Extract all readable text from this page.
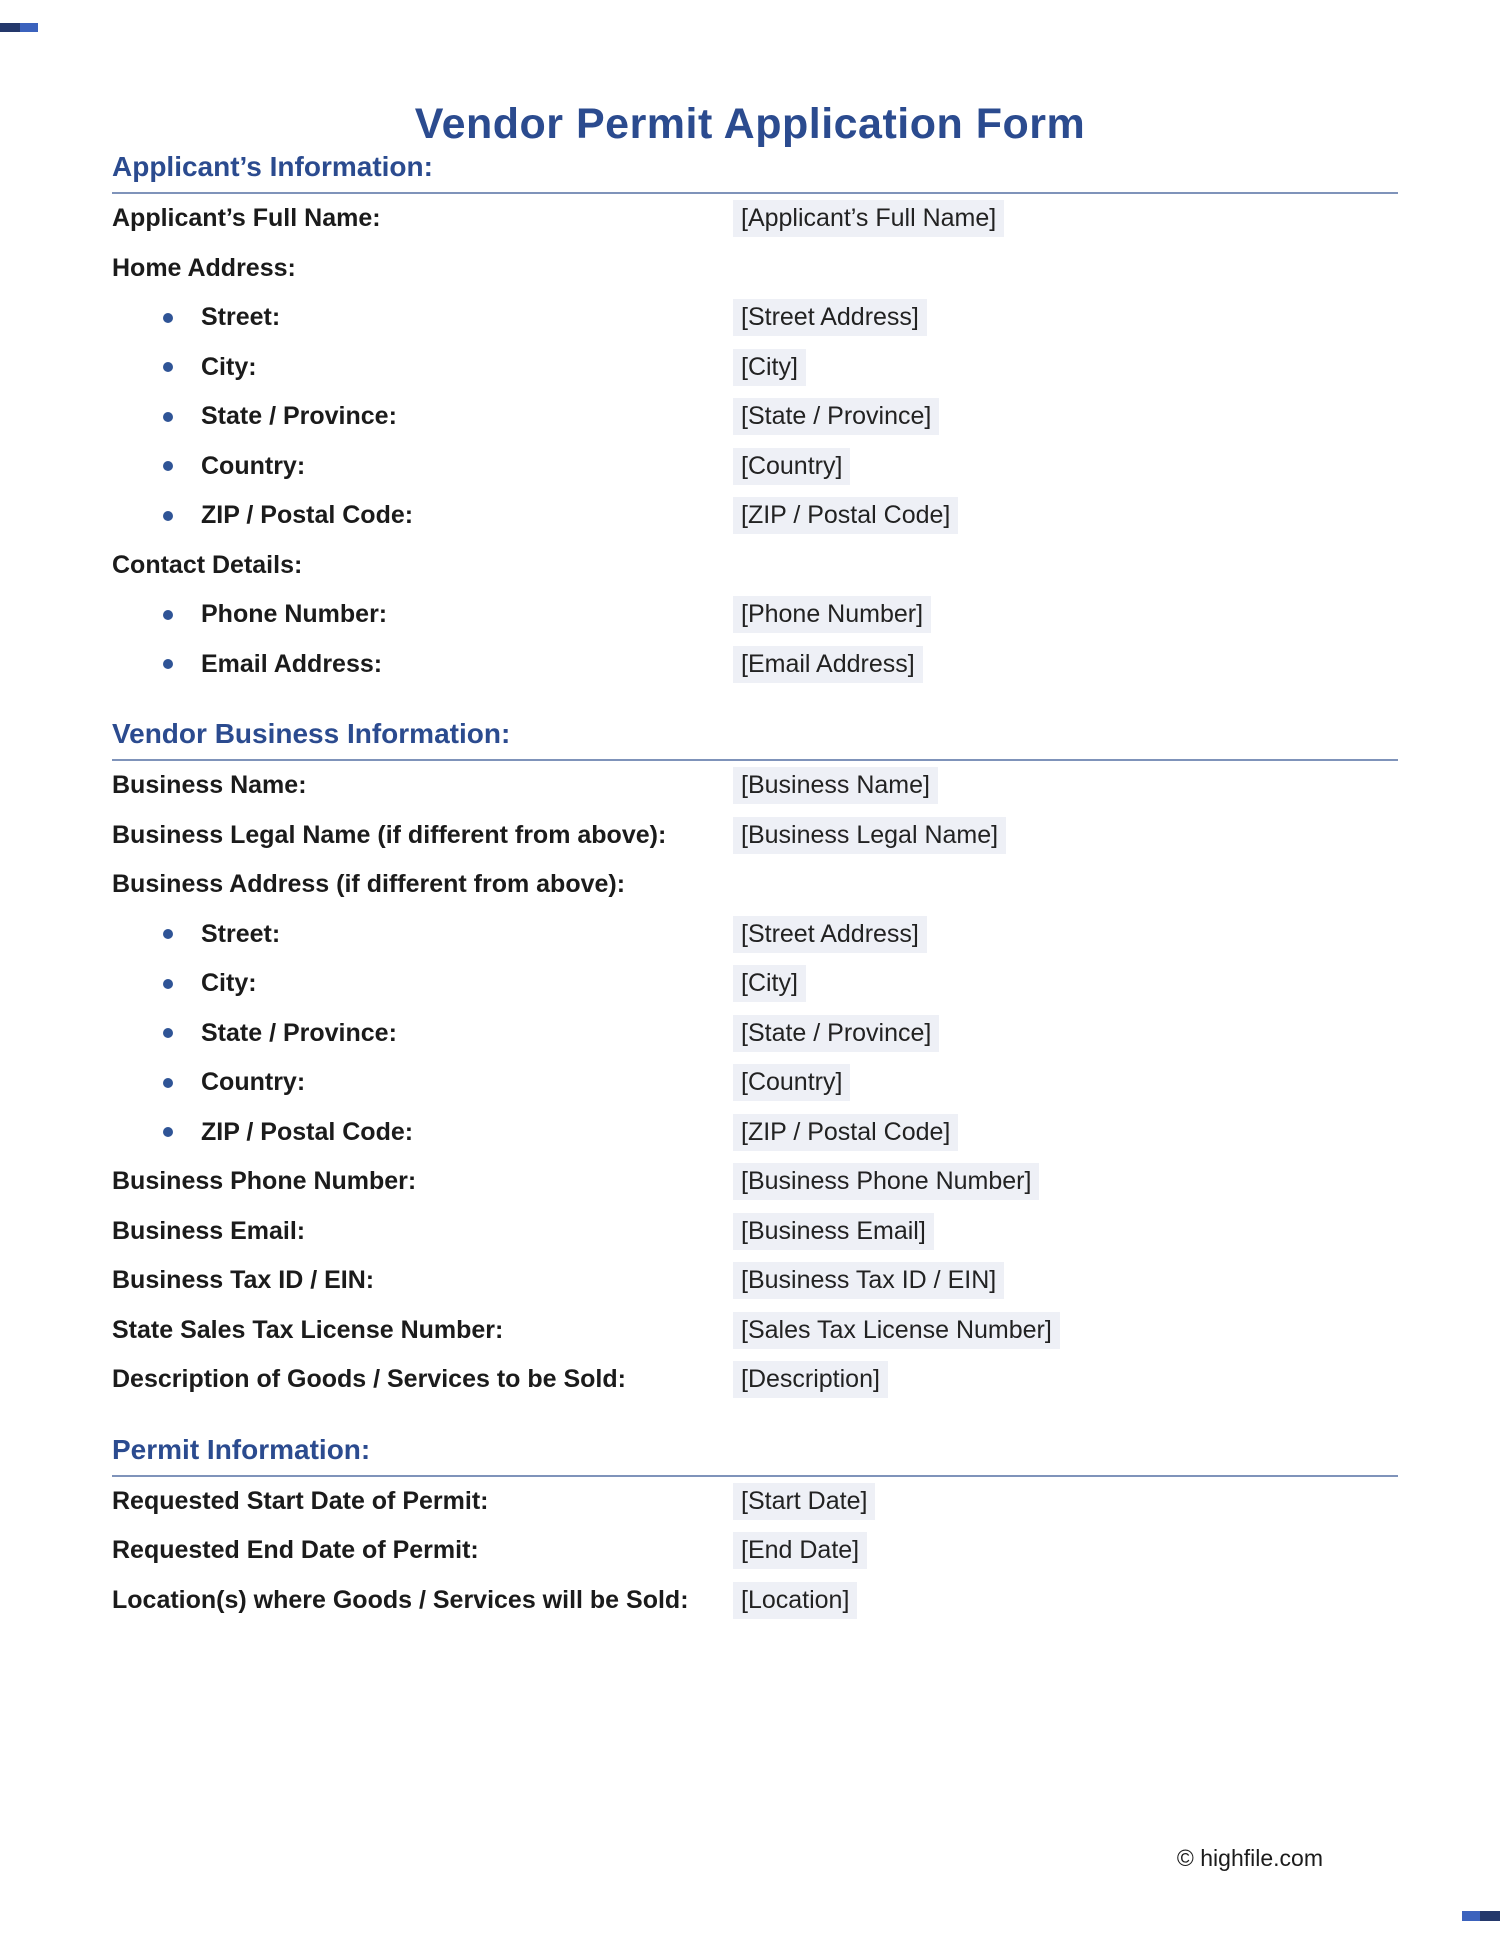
Vendor Permit Application Form
Applicant’s Information:
Applicant’s Full Name:	[Applicant’s Full Name]
Home Address:
Street:	[Street Address]
City:	[City]
State / Province:	[State / Province]
Country:	[Country]
ZIP / Postal Code:	[ZIP / Postal Code]
Contact Details:
Phone Number:	[Phone Number]
Email Address:	[Email Address]
Vendor Business Information:
Business Name:	[Business Name]
Business Legal Name (if different from above):	[Business Legal Name]
Business Address (if different from above):
Street:	[Street Address]
City:	[City]
State / Province:	[State / Province]
Country:	[Country]
ZIP / Postal Code:	[ZIP / Postal Code]
Business Phone Number:	[Business Phone Number]
Business Email:	[Business Email]
Business Tax ID / EIN:	[Business Tax ID / EIN]
State Sales Tax License Number:	[Sales Tax License Number]
Description of Goods / Services to be Sold:	[Description]
Permit Information:
Requested Start Date of Permit:	[Start Date]
Requested End Date of Permit:	[End Date]
Location(s) where Goods / Services will be Sold:	[Location]
© highfile.com
